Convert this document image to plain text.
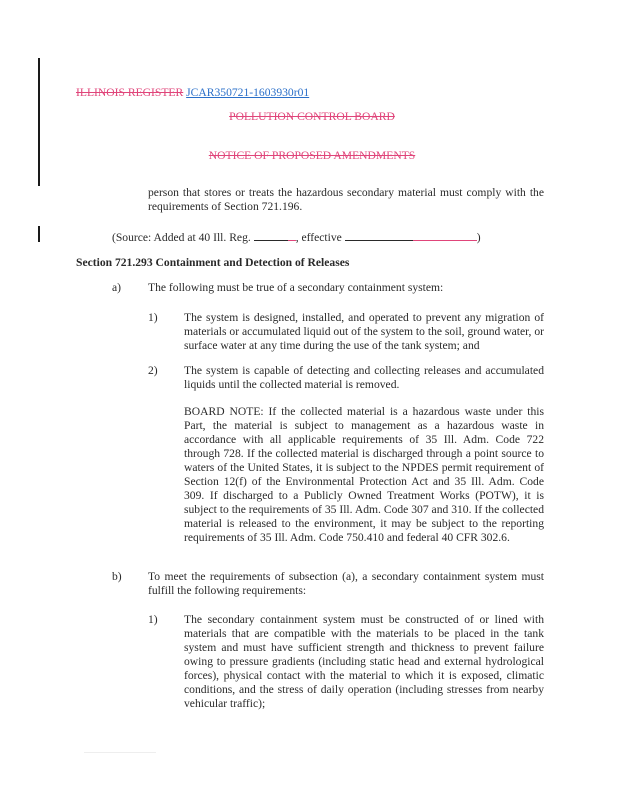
ILLINOIS REGISTER JCAR350721-1603930r01
POLLUTION CONTROL BOARD
NOTICE OF PROPOSED AMENDMENTS
person that stores or treats the hazardous secondary material must comply with the requirements of Section 721.196.
(Source: Added at 40 Ill. Reg.	, effective	)
Section 721.293 Containment and Detection of Releases
a) The following must be true of a secondary containment system:
1) The system is designed, installed, and operated to prevent any migration of materials or accumulated liquid out of the system to the soil, ground water, or surface water at any time during the use of the tank system; and
2) The system is capable of detecting and collecting releases and accumulated liquids until the collected material is removed.
BOARD NOTE: If the collected material is a hazardous waste under this Part, the material is subject to management as a hazardous waste in accordance with all applicable requirements of 35 Ill. Adm. Code 722 through 728. If the collected material is discharged through a point source to waters of the United States, it is subject to the NPDES permit requirement of Section 12(f) of the Environmental Protection Act and 35 Ill. Adm. Code 309. If discharged to a Publicly Owned Treatment Works (POTW), it is subject to the requirements of 35 Ill. Adm. Code 307 and 310. If the collected material is released to the environment, it may be subject to the reporting requirements of 35 Ill. Adm. Code 750.410 and federal 40 CFR 302.6.
b) To meet the requirements of subsection (a), a secondary containment system must fulfill the following requirements:
1) The secondary containment system must be constructed of or lined with materials that are compatible with the materials to be placed in the tank system and must have sufficient strength and thickness to prevent failure owing to pressure gradients (including static head and external hydrological forces), physical contact with the material to which it is exposed, climatic conditions, and the stress of daily operation (including stresses from nearby vehicular traffic);
